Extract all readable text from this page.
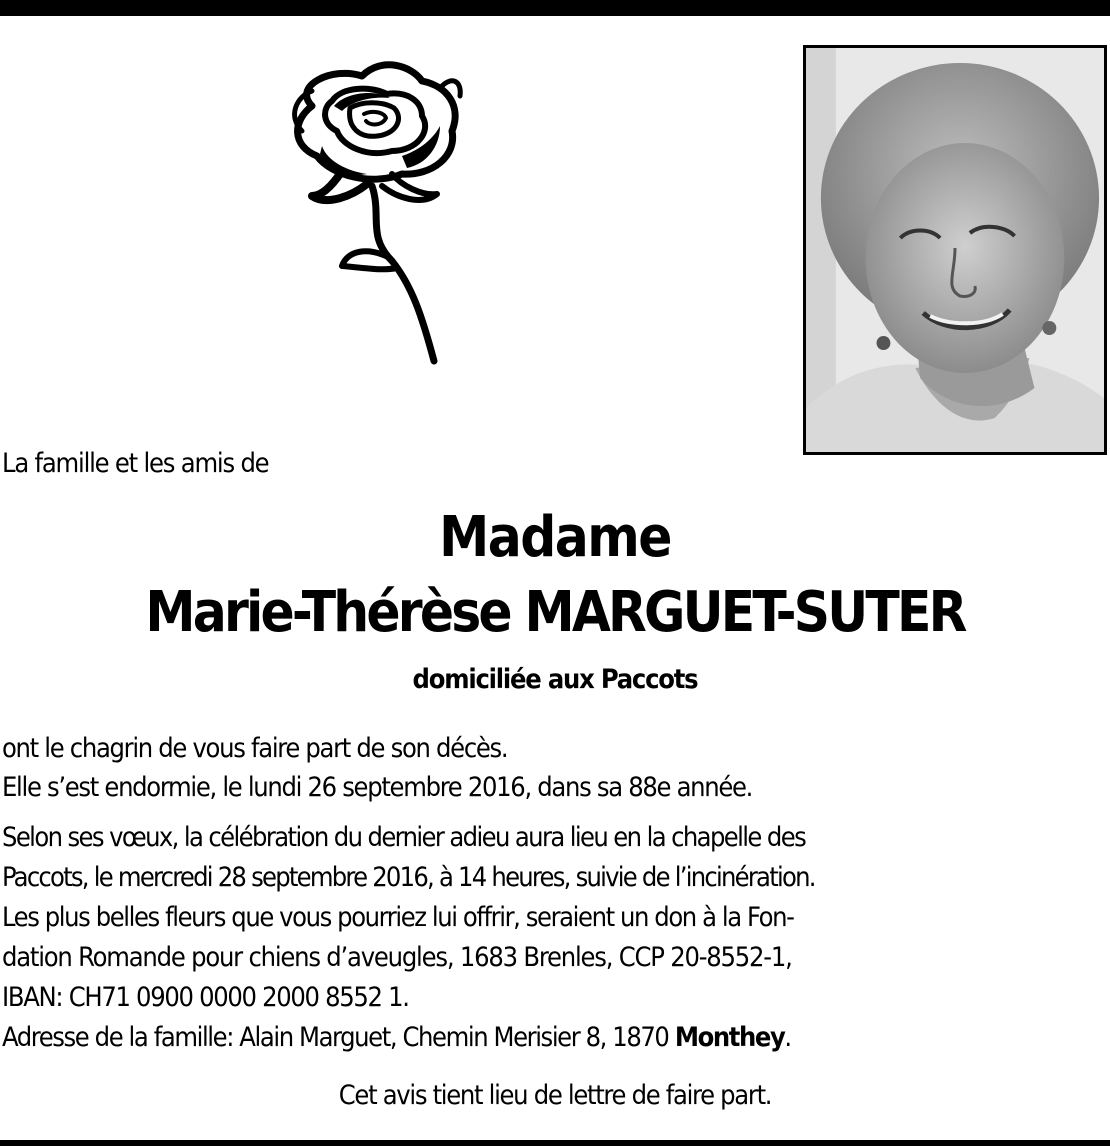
La famille et les amis de

Madame

Marie-Thérèse MARGUET-SUTER

domiciliée aux Paccots

ont le chagrin de vous faire part de son décès.

Elle s’est endormie, le lundi 26 septembre 2016, dans sa 88e année.

Selon ses vœux, la célébration du dernier adieu aura lieu en la chapelle des

Paccots, le mercredi 28 septembre 2016, à 14 heures, suivie de l’incinération.

Les plus belles fleurs que vous pourriez lui offrir, seraient un don à la Fon-

dation Romande pour chiens d’aveugles, 1683 Brenles, CCP 20-8552-1,

IBAN: CH71 0900 0000 2000 8552 1.

Adresse de la famille: Alain Marguet, Chemin Merisier 8, 1870 Monthey.

Cet avis tient lieu de lettre de faire part.
